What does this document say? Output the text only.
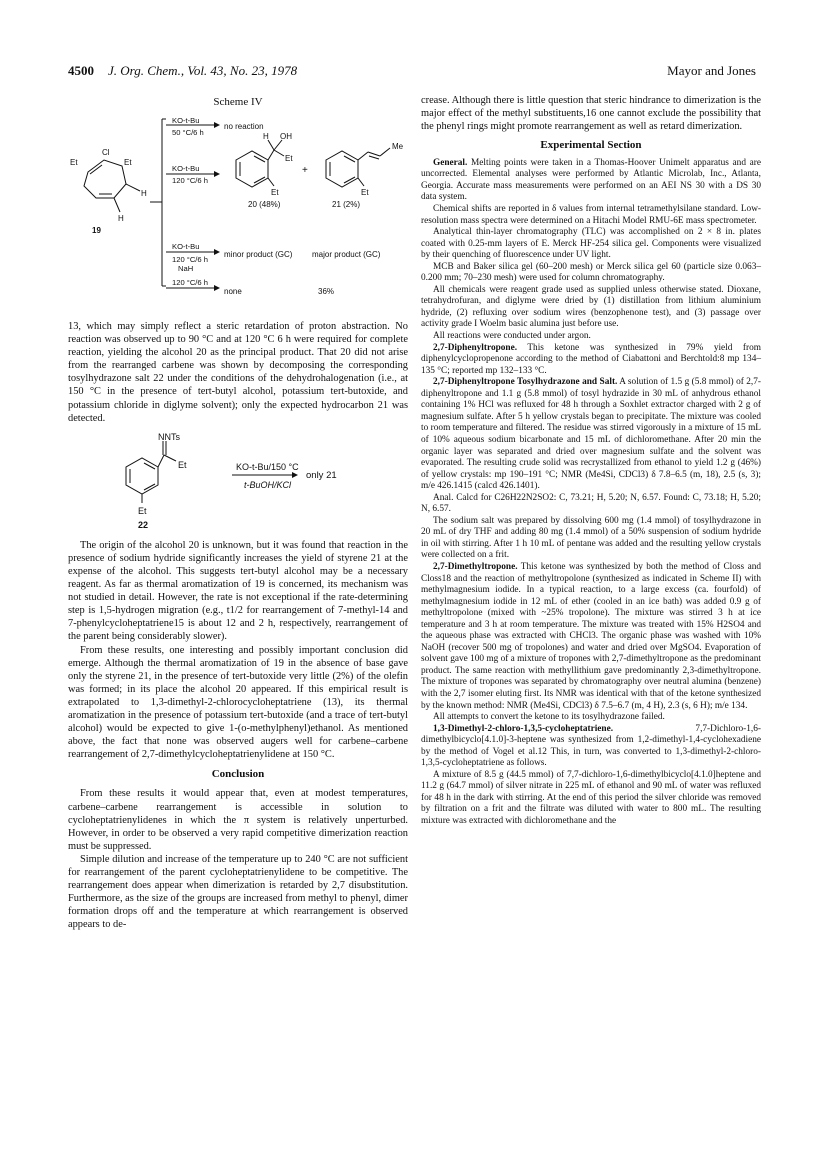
4500 J. Org. Chem., Vol. 43, No. 23, 1978	Mayor and Jones
Scheme IV
Cl
Et	Et
H
H
19
KO-t-Bu
50 °C/6 h
no reaction
KO-t-Bu
120 °C/6 h
H OH
Et
Et
20 (48%)
+
Me
Et
21 (2%)
KO-t-Bu
120 °C/6 h
NaH
minor product (GC) major product (GC)
120 °C/6 h
none	36%

13, which may simply reflect a steric retardation of proton abstraction. No reaction was observed up to 90 °C and at 120 °C 6 h were required for complete reaction, yielding the alcohol 20 as the principal product. That 20 did not arise from the rearranged carbene was shown by decomposing the corresponding tosylhydrazone salt 22 under the conditions of the dehydrohalogenation (i.e., at 150 °C in the presence of tert-butyl alcohol, potassium tert-butoxide, and potassium chloride in diglyme solvent); only the expected hydrocarbon 21 was detected.

NNTs
Et
Et
22
KO-t-Bu/150 °C
t-BuOH/KCl
only 21

The origin of the alcohol 20 is unknown, but it was found that reaction in the presence of sodium hydride significantly increases the yield of styrene 21 at the expense of the alcohol. This suggests tert-butyl alcohol may be a necessary reagent. As far as thermal aromatization of 19 is concerned, its mechanism was not studied in detail. However, the rate is not exceptional if the rate-determining step is 1,5-hydrogen migration (e.g., t1/2 for rearrangement of 7-methyl-14 and 7-phenylcycloheptatriene15 is about 12 and 2 h, respectively, rearrangement of the parent being considerably slower).

From these results, one interesting and possibly important conclusion did emerge. Although the thermal aromatization of 19 in the absence of base gave only the styrene 21, in the presence of tert-butoxide very little (2%) of the olefin was formed; in its place the alcohol 20 appeared. If this empirical result is extrapolated to 1,3-dimethyl-2-chlorocycloheptatriene (13), its thermal aromatization in the presence of potassium tert-butoxide (and a trace of tert-butyl alcohol) would be expected to give 1-(o-methylphenyl)ethanol. As mentioned above, the fact that none was observed augers well for carbene–carbene rearrangement of 2,7-dimethylcycloheptatrienylidene at 150 °C.

Conclusion

From these results it would appear that, even at modest temperatures, carbene–carbene rearrangement is accessible in solution to cycloheptatrienylidenes in which the π system is relatively unperturbed. However, in order to be observed a very rapid competitive dimerization reaction must be suppressed.

Simple dilution and increase of the temperature up to 240 °C are not sufficient for rearrangement of the parent cycloheptatrienylidene to be competitive. The rearrangement does appear when dimerization is retarded by 2,7 disubstitution. Furthermore, as the size of the groups are increased from methyl to phenyl, dimer formation drops off and the temperature at which rearrangement is observed appears to de-

crease. Although there is little question that steric hindrance to dimerization is the major effect of the methyl substituents,16 one cannot exclude the possibility that the phenyl rings might promote rearrangement as well as retard dimerization.

Experimental Section

General. Melting points were taken in a Thomas-Hoover Unimelt apparatus and are uncorrected. Elemental analyses were performed by Atlantic Microlab, Inc., Atlanta, Georgia. Accurate mass measurements were performed on an AEI NS 30 with a DS 30 data system.

Chemical shifts are reported in δ values from internal tetramethylsilane standard. Low-resolution mass spectra were determined on a Hitachi Model RMU-6E mass spectrometer.

Analytical thin-layer chromatography (TLC) was accomplished on 2 × 8 in. plates coated with 0.25-mm layers of E. Merck HF-254 silica gel. Components were visualized by their quenching of fluorescence under UV light.

MCB and Baker silica gel (60–200 mesh) or Merck silica gel 60 (particle size 0.063–0.200 mm; 70–230 mesh) were used for column chromatography.

All chemicals were reagent grade used as supplied unless otherwise stated. Dioxane, tetrahydrofuran, and diglyme were dried by (1) distillation from lithium aluminium hydride, (2) refluxing over sodium wires (benzophenone test), and (3) passage over activity grade I Woelm basic alumina just before use.

All reactions were conducted under argon.

2,7-Diphenyltropone. This ketone was synthesized in 79% yield from diphenylcyclopropenone according to the method of Ciabattoni and Berchtold:8 mp 134–135 °C; reported mp 132–133 °C.

2,7-Diphenyltropone Tosylhydrazone and Salt. A solution of 1.5 g (5.8 mmol) of 2,7-diphenyltropone and 1.1 g (5.8 mmol) of tosyl hydrazide in 30 mL of anhydrous ethanol containing 1% HCl was refluxed for 48 h through a Soxhlet extractor charged with 2 g of magnesium sulfate. After 5 h yellow crystals began to precipitate. The mixture was cooled to room temperature and filtered. The residue was stirred vigorously in a mixture of 15 mL of 10% aqueous sodium bicarbonate and 15 mL of dichloromethane. After 20 min the organic layer was separated and dried over magnesium sulfate and the solvent was evaporated. The resulting crude solid was recrystallized from ethanol to yield 1.2 g (46%) of yellow crystals: mp 190–191 °C; NMR (Me4Si, CDCl3) δ 7.8–6.5 (m, 18), 2.5 (s, 3); m/e 426.1415 (calcd 426.1401).

Anal. Calcd for C26H22N2SO2: C, 73.21; H, 5.20; N, 6.57. Found: C, 73.18; H, 5.20; N, 6.57.

The sodium salt was prepared by dissolving 600 mg (1.4 mmol) of tosylhydrazone in 20 mL of dry THF and adding 80 mg (1.4 mmol) of a 50% suspension of sodium hydride in oil with stirring. After 1 h 10 mL of pentane was added and the resulting yellow crystals were collected on a frit.

2,7-Dimethyltropone. This ketone was synthesized by both the method of Closs and Closs18 and the reaction of methyltropolone (synthesized as indicated in Scheme II) with methylmagnesium iodide. In a typical reaction, to a large excess (ca. fourfold) of methylmagnesium iodide in 12 mL of ether (cooled in an ice bath) was added 0.9 g of methyltropolone (mixed with ~25% tropolone). The mixture was stirred 3 h at ice temperature and 3 h at room temperature. The mixture was treated with 15% H2SO4 and the aqueous phase was extracted with CHCl3. The organic phase was washed with 10% NaOH (recover 500 mg of tropolones) and water and dried over MgSO4. Evaporation of solvent gave 100 mg of a mixture of tropones with 2,7-dimethyltropone as the predominant product. The same reaction with methyllithium gave predominantly 2,3-dimethyltropone. The mixture of tropones was separated by chromatography over neutral alumina (benzene) with the 2,7 isomer eluting first. Its NMR was identical with that of the ketone synthesized by the known method: NMR (Me4Si, CDCl3) δ 7.5–6.7 (m, 4 H), 2.3 (s, 6 H); m/e 134.

All attempts to convert the ketone to its tosylhydrazone failed.

1,3-Dimethyl-2-chloro-1,3,5-cycloheptatriene. 7,7-Dichloro-1,6-dimethylbicyclo[4.1.0]-3-heptene was synthesized from 1,2-dimethyl-1,4-cyclohexadiene by the method of Vogel et al.12 This, in turn, was converted to 1,3-dimethyl-2-chloro-1,3,5-cycloheptatriene as follows.

A mixture of 8.5 g (44.5 mmol) of 7,7-dichloro-1,6-dimethylbicyclo[4.1.0]heptene and 11.2 g (64.7 mmol) of silver nitrate in 225 mL of ethanol and 90 mL of water was refluxed for 48 h in the dark with stirring. At the end of this period the silver chloride was removed by filtration on a frit and the filtrate was diluted with water to 800 mL. The resulting mixture was extracted with dichloromethane and the
